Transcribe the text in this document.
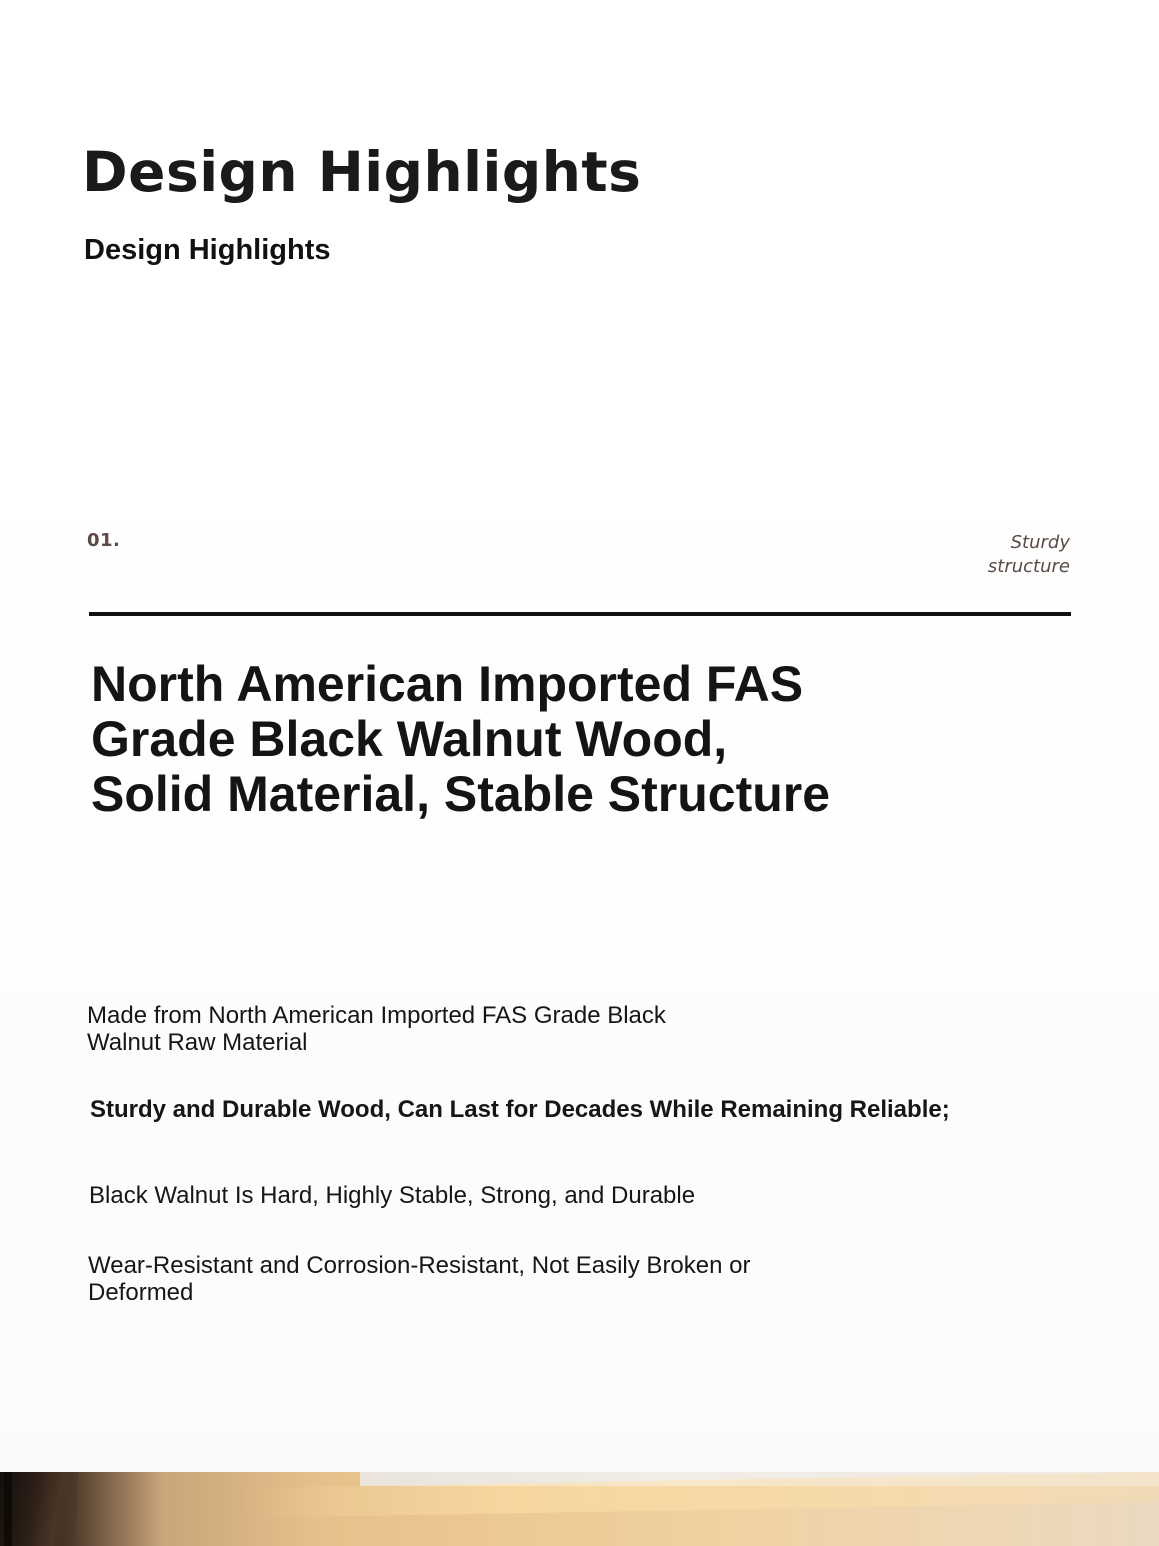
Design Highlights
Design Highlights
01.	Sturdy
structure
North American Imported FAS Grade Black Walnut Wood, Solid Material, Stable Structure

Made from North American Imported FAS Grade Black Walnut Raw Material

Sturdy and Durable Wood, Can Last for Decades While Remaining Reliable;

Black Walnut Is Hard, Highly Stable, Strong, and Durable

Wear-Resistant and Corrosion-Resistant, Not Easily Broken or Deformed
